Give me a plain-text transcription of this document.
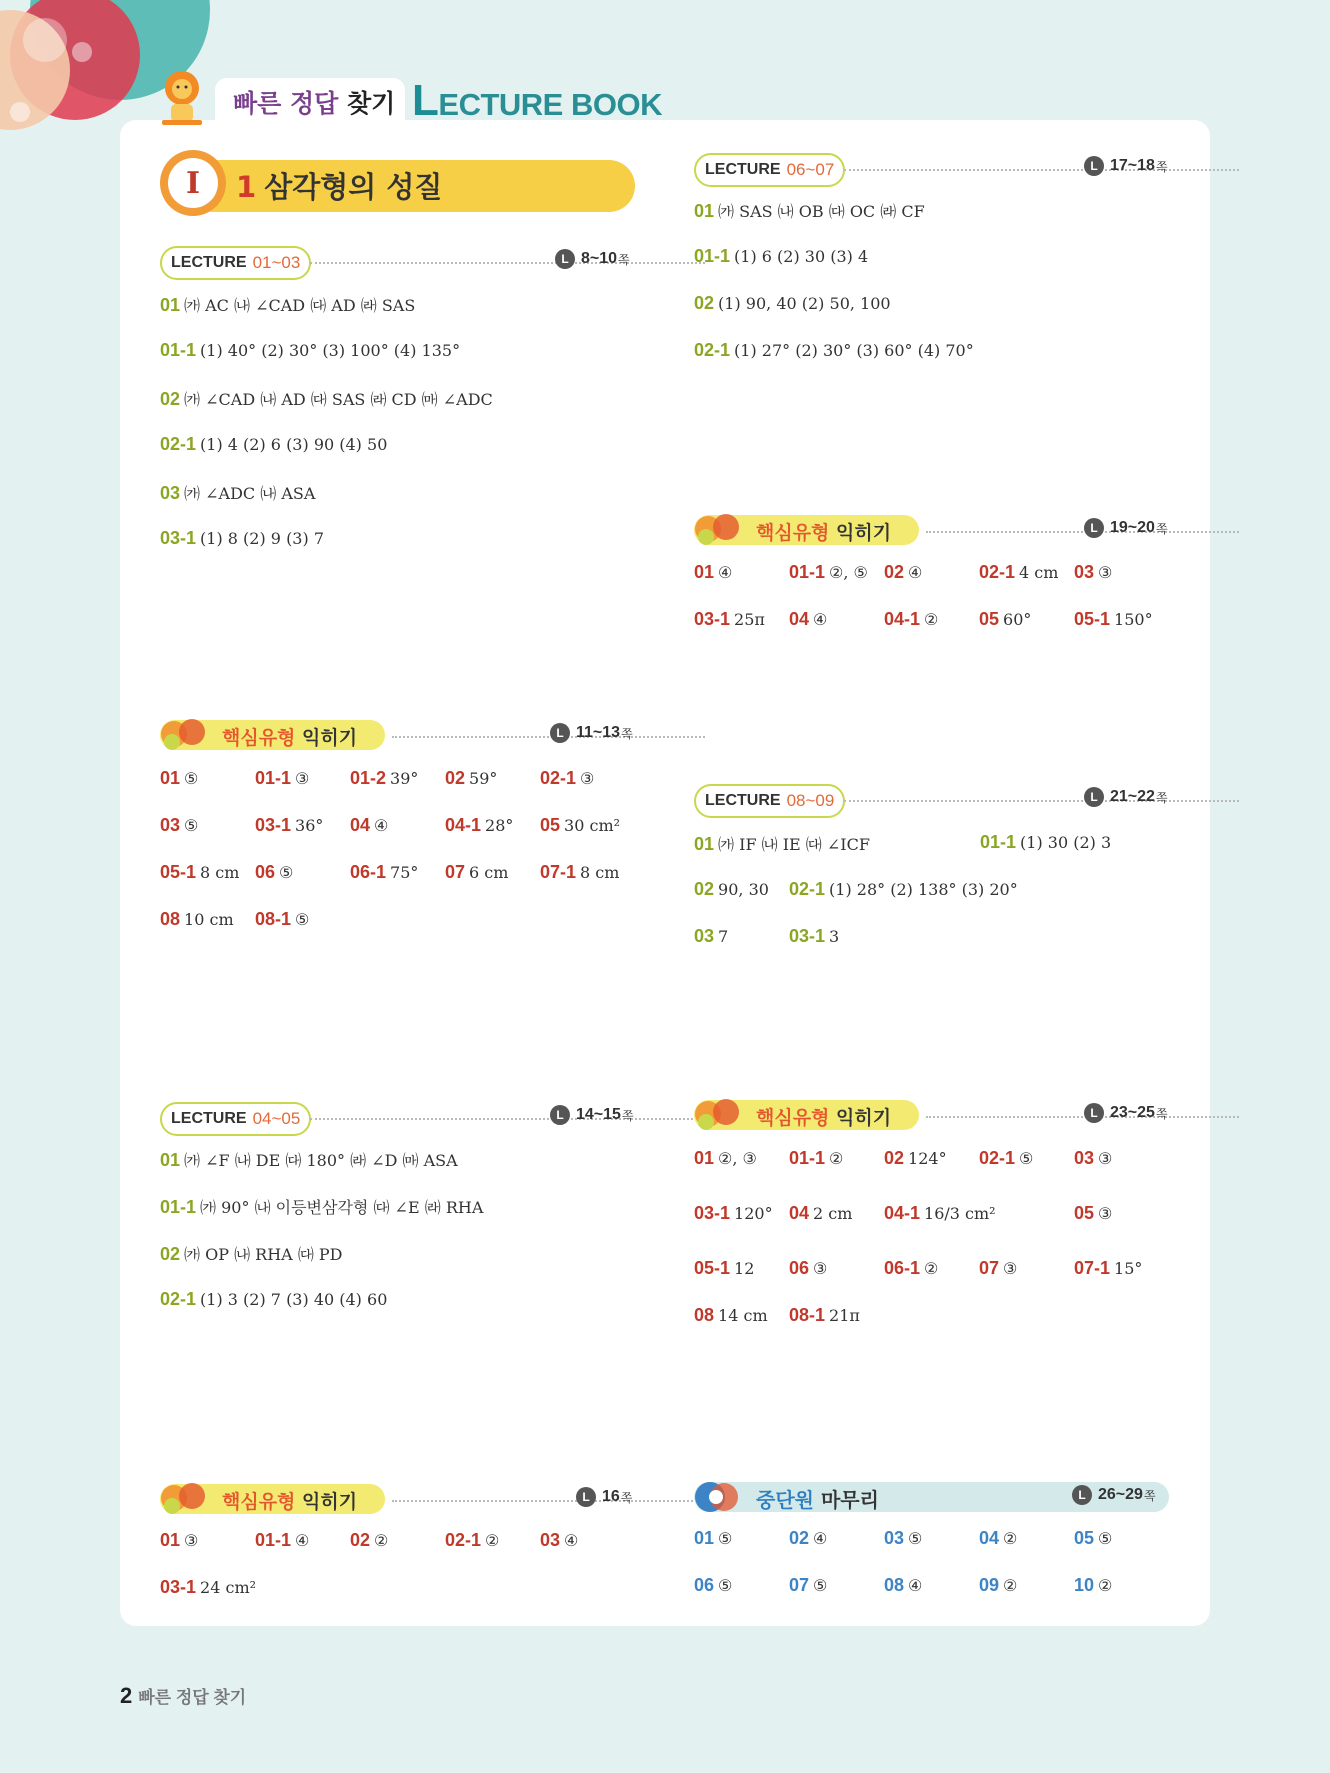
빠른 정답 찾기 LECTURE BOOK
I	1 삼각형의 성질
LECTURE 01~03	L 8~10 쪽
01 ㈎ AC ㈏ ∠CAD ㈐ AD ㈑ SAS
01-1 (1) 40° (2) 30° (3) 100° (4) 135°
02 ㈎ ∠CAD ㈏ AD ㈐ SAS ㈑ CD ㈒ ∠ADC
02-1 (1) 4 (2) 6 (3) 90 (4) 50
03 ㈎ ∠ADC ㈏ ASA
03-1 (1) 8 (2) 9 (3) 7
핵심유형 익히기	L 11~13 쪽
01 ⑤	01-1 ③ 01-2 39° 02 59° 02-1 ③
03 ⑤	03-1 36° 04 ④	04-1 28° 05 30 cm²
05-1 8 cm 06 ⑤	06-1 75° 07 6 cm 07-1 8 cm
08 10 cm 08-1 ⑤
LECTURE 04~05	L 14~15 쪽
01 ㈎ ∠F ㈏ DE ㈐ 180° ㈑ ∠D ㈒ ASA
01-1 ㈎ 90° ㈏ 이등변삼각형 ㈐ ∠E ㈑ RHA
02 ㈎ OP ㈏ RHA ㈐ PD
02-1 (1) 3 (2) 7 (3) 40 (4) 60
핵심유형 익히기	L 16 쪽
01 ③	01-1 ④ 02 ②	02-1 ② 03 ④
03-1 24 cm²
LECTURE 06~07	L 17~18 쪽
01 ㈎ SAS ㈏ OB ㈐ OC ㈑ CF
01-1 (1) 6 (2) 30 (3) 4
02 (1) 90, 40 (2) 50, 100
02-1 (1) 27° (2) 30° (3) 60° (4) 70°
핵심유형 익히기	L 19~20 쪽
01 ④	01-1 ②, ⑤ 02 ④	02-1 4 cm 03 ③
03-1 25π 04 ④	04-1 ② 05 60° 05-1 150°
LECTURE 08~09	L 21~22 쪽
01 ㈎ IF ㈏ IE ㈐ ∠ICF	01-1 (1) 30 (2) 3
02 90, 30 02-1 (1) 28° (2) 138° (3) 20°
03 7	03-1 3
핵심유형 익히기	L 23~25 쪽
01 ②, ③ 01-1 ② 02 124° 02-1 ⑤ 03 ③
03-1 120° 04 2 cm 04-1 16/3 cm²	05 ③
05-1 12 06 ③	06-1 ② 07 ③	07-1 15°
08 14 cm 08-1 21π
중단원 마무리	L 26~29 쪽
01 ⑤	02 ④	03 ⑤	04 ②	05 ⑤
06 ⑤	07 ⑤	08 ④	09 ②	10 ②
2 빠른 정답 찾기
